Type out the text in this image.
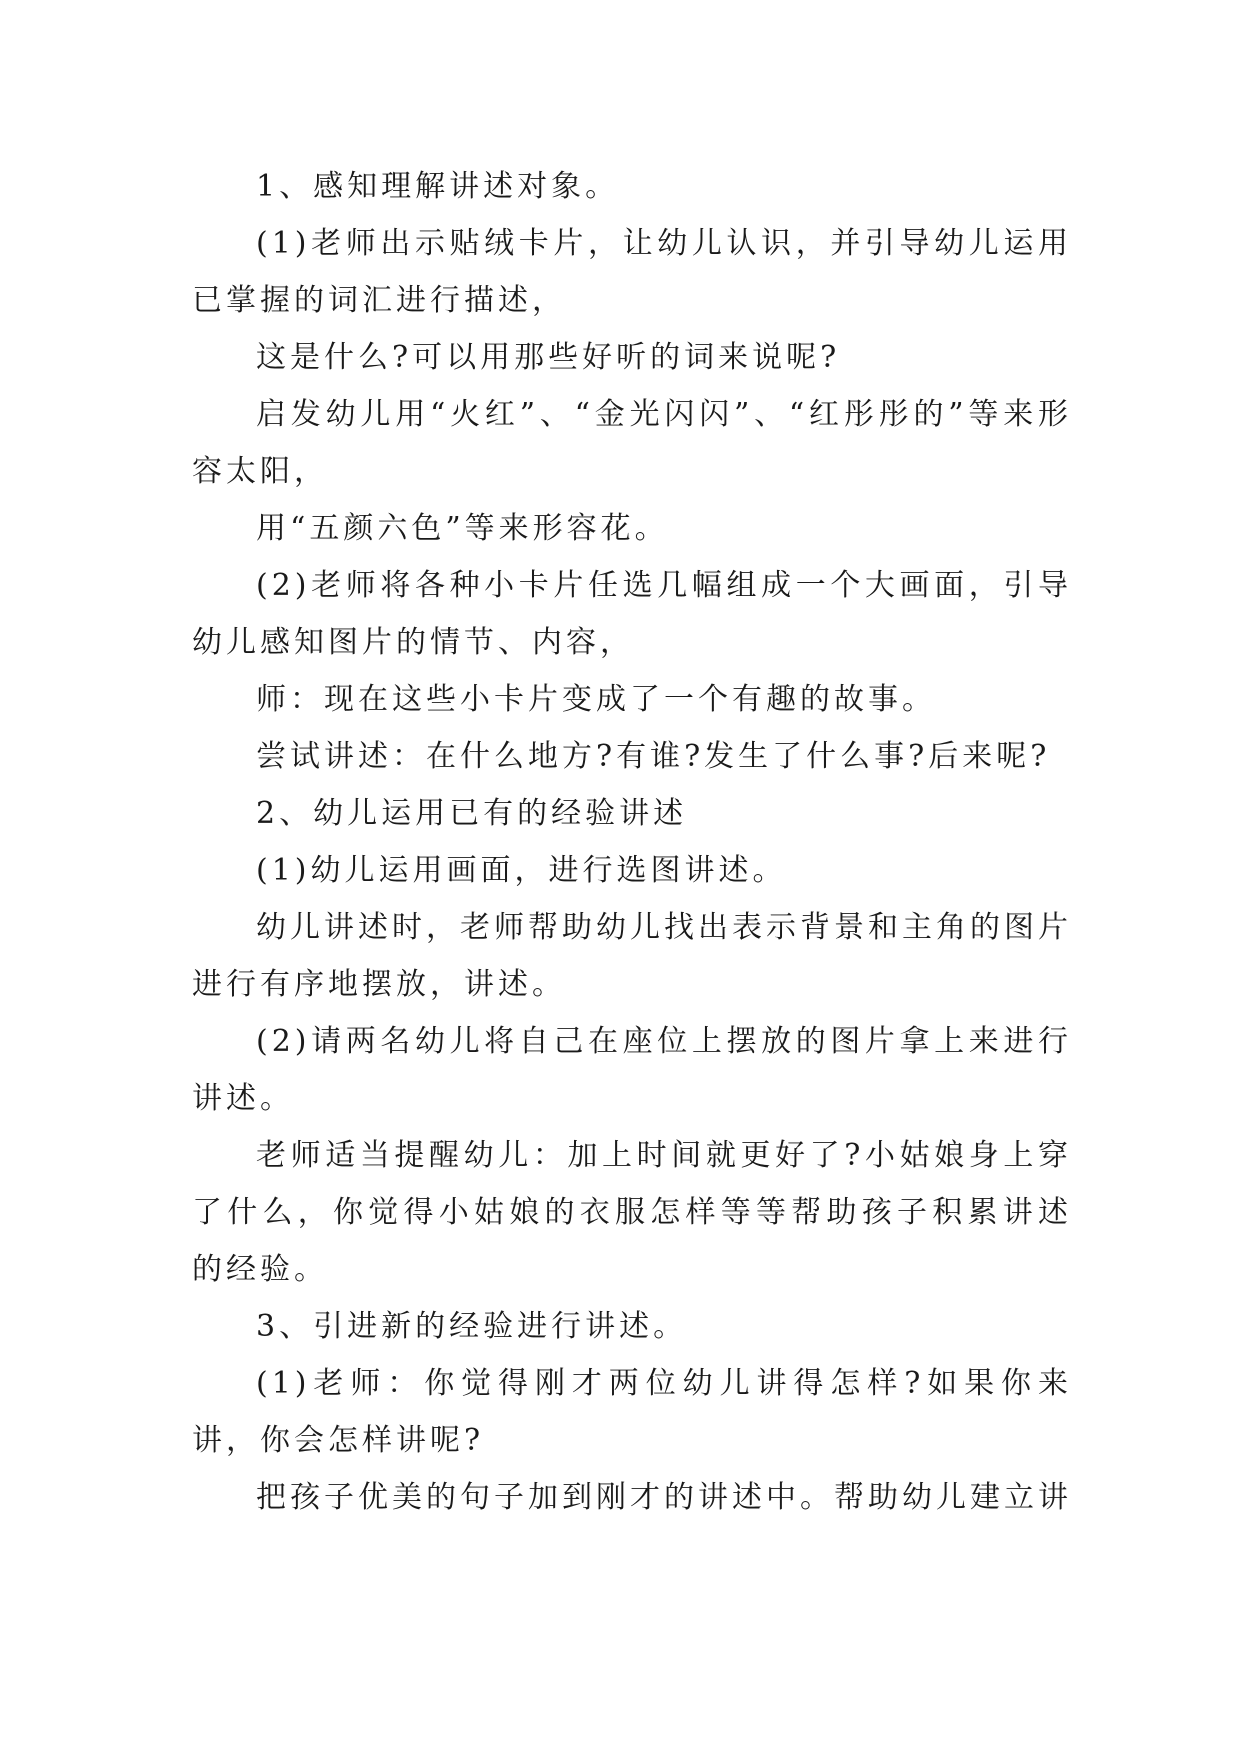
1、感知理解讲述对象。

(1)老师出示贴绒卡片，让幼儿认识，并引导幼儿运用已掌握的词汇进行描述，

这是什么?可以用那些好听的词来说呢?

启发幼儿用“火红”、“金光闪闪”、“红彤彤的”等来形容太阳，

用“五颜六色”等来形容花。

(2)老师将各种小卡片任选几幅组成一个大画面，引导幼儿感知图片的情节、内容，

师：现在这些小卡片变成了一个有趣的故事。

尝试讲述：在什么地方?有谁?发生了什么事?后来呢?

2、幼儿运用已有的经验讲述

(1)幼儿运用画面，进行选图讲述。

幼儿讲述时，老师帮助幼儿找出表示背景和主角的图片进行有序地摆放，讲述。

(2)请两名幼儿将自己在座位上摆放的图片拿上来进行讲述。

老师适当提醒幼儿：加上时间就更好了?小姑娘身上穿了什么，你觉得小姑娘的衣服怎样等等帮助孩子积累讲述的经验。

3、引进新的经验进行讲述。

(1)老师：你觉得刚才两位幼儿讲得怎样?如果你来讲，你会怎样讲呢?

把孩子优美的句子加到刚才的讲述中。帮助幼儿建立讲
